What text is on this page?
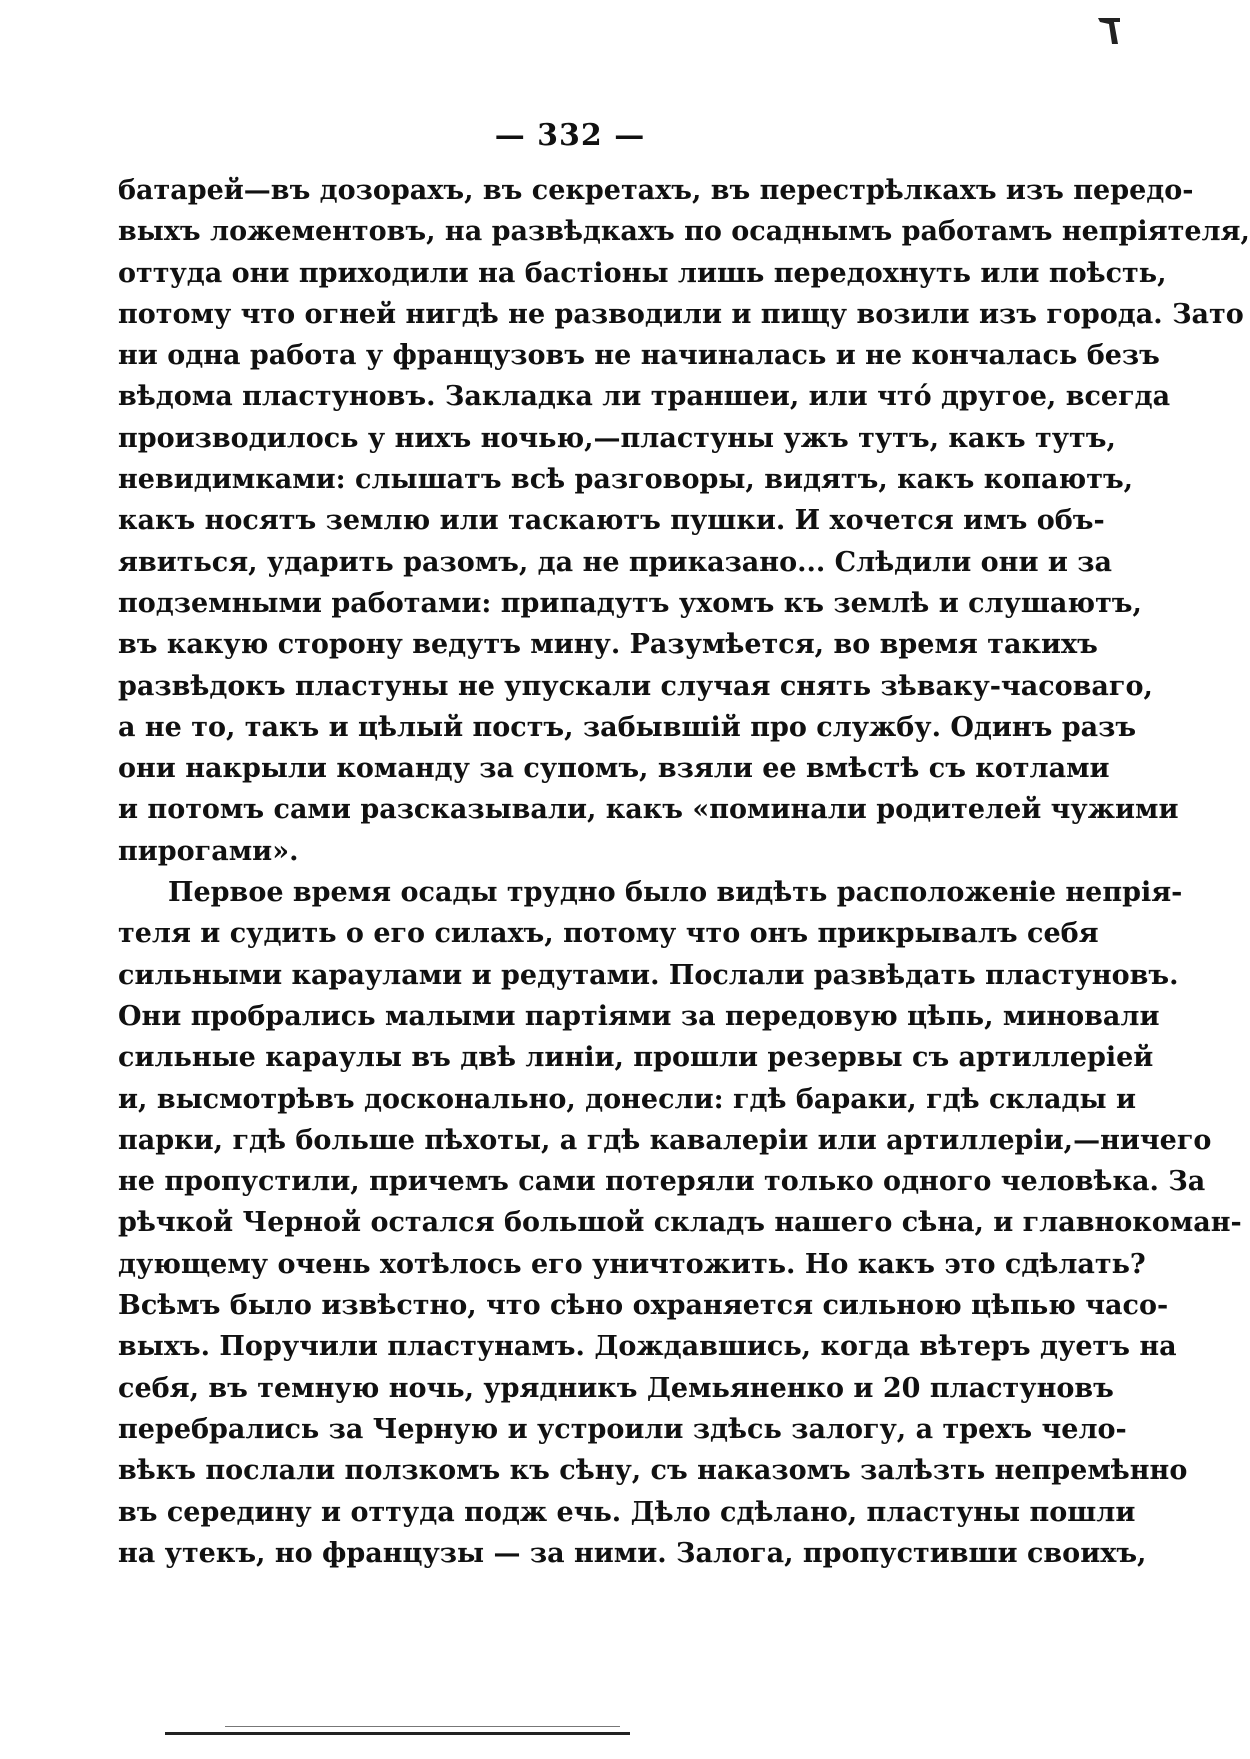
— 332 —
батарей—въ дозорахъ, въ секретахъ, въ перестрѣлкахъ изъ передо-
выхъ ложементовъ, на развѣдкахъ по осаднымъ работамъ непріятеля,
оттуда они приходили на бастіоны лишь передохнуть или поѣсть,
потому что огней нигдѣ не разводили и пищу возили изъ города. Зато
ни одна работа у французовъ не начиналась и не кончалась безъ
вѣдома пластуновъ. Закладка ли траншеи, или чтó другое, всегда
производилось у нихъ ночью,—пластуны ужъ тутъ, какъ тутъ,
невидимками: слышатъ всѣ разговоры, видятъ, какъ копаютъ,
какъ носятъ землю или таскаютъ пушки. И хочется имъ объ-
явиться, ударить разомъ, да не приказано... Слѣдили они и за
подземными работами: припадутъ ухомъ къ землѣ и слушаютъ,
въ какую сторону ведутъ мину. Разумѣется, во время такихъ
развѣдокъ пластуны не упускали случая снять зѣваку-часоваго,
а не то, такъ и цѣлый постъ, забывшій про службу. Одинъ разъ
они накрыли команду за супомъ, взяли ее вмѣстѣ съ котлами
и потомъ сами разсказывали, какъ «поминали родителей чужими
пирогами».
Первое время осады трудно было видѣть расположеніе непрія-
теля и судить о его силахъ, потому что онъ прикрывалъ себя
сильными караулами и редутами. Послали развѣдать пластуновъ.
Они пробрались малыми партіями за передовую цѣпь, миновали
сильные караулы въ двѣ линіи, прошли резервы съ артиллеріей
и, высмотрѣвъ досконально, донесли: гдѣ бараки, гдѣ склады и
парки, гдѣ больше пѣхоты, а гдѣ кавалеріи или артиллеріи,—ничего
не пропустили, причемъ сами потеряли только одного человѣка. За
рѣчкой Черной остался большой складъ нашего сѣна, и главнокоман-
дующему очень хотѣлось его уничтожить. Но какъ это сдѣлать?
Всѣмъ было извѣстно, что сѣно охраняется сильною цѣпью часо-
выхъ. Поручили пластунамъ. Дождавшись, когда вѣтеръ дуетъ на
себя, въ темную ночь, урядникъ Демьяненко и 20 пластуновъ
перебрались за Черную и устроили здѣсь залогу, а трехъ чело-
вѣкъ послали ползкомъ къ сѣну, съ наказомъ залѣзть непремѣнно
въ середину и оттуда подж ечь. Дѣло сдѣлано, пластуны пошли
на утекъ, но французы — за ними. Залога, пропустивши своихъ,
